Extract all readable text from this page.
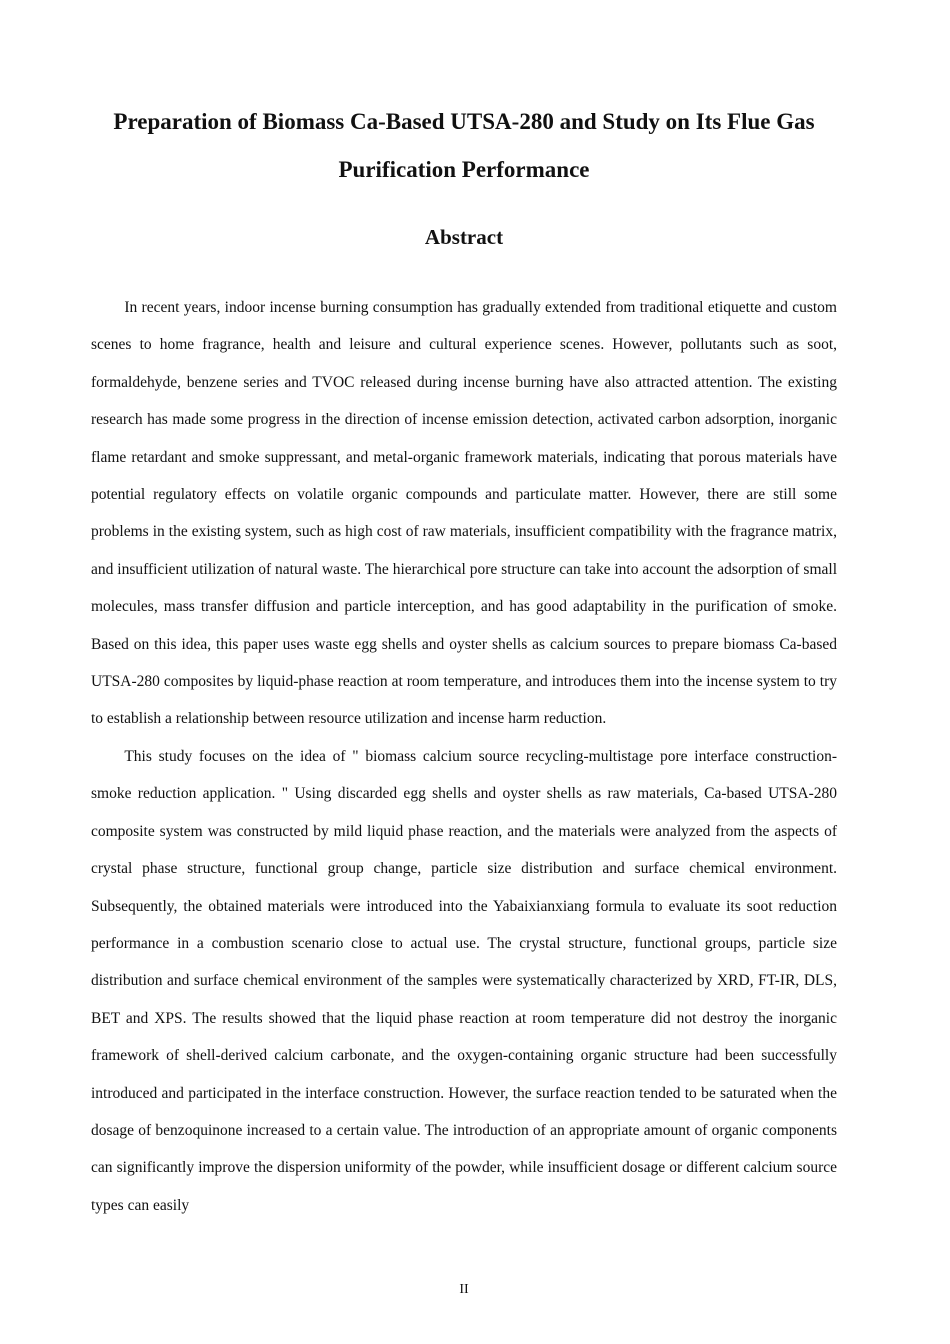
Preparation of Biomass Ca-Based UTSA-280 and Study on Its Flue Gas Purification Performance
Abstract

In recent years, indoor incense burning consumption has gradually extended from traditional etiquette and custom scenes to home fragrance, health and leisure and cultural experience scenes. However, pollutants such as soot, formaldehyde, benzene series and TVOC released during incense burning have also attracted attention. The existing research has made some progress in the direction of incense emission detection, activated carbon adsorption, inorganic flame retardant and smoke suppressant, and metal-organic framework materials, indicating that porous materials have potential regulatory effects on volatile organic compounds and particulate matter. However, there are still some problems in the existing system, such as high cost of raw materials, insufficient compatibility with the fragrance matrix, and insufficient utilization of natural waste. The hierarchical pore structure can take into account the adsorption of small molecules, mass transfer diffusion and particle interception, and has good adaptability in the purification of smoke. Based on this idea, this paper uses waste egg shells and oyster shells as calcium sources to prepare biomass Ca-based UTSA-280 composites by liquid-phase reaction at room temperature, and introduces them into the incense system to try to establish a relationship between resource utilization and incense harm reduction.

This study focuses on the idea of " biomass calcium source recycling-multistage pore interface construction-smoke reduction application. " Using discarded egg shells and oyster shells as raw materials, Ca-based UTSA-280 composite system was constructed by mild liquid phase reaction, and the materials were analyzed from the aspects of crystal phase structure, functional group change, particle size distribution and surface chemical environment. Subsequently, the obtained materials were introduced into the Yabaixianxiang formula to evaluate its soot reduction performance in a combustion scenario close to actual use. The crystal structure, functional groups, particle size distribution and surface chemical environment of the samples were systematically characterized by XRD, FT-IR, DLS, BET and XPS. The results showed that the liquid phase reaction at room temperature did not destroy the inorganic framework of shell-derived calcium carbonate, and the oxygen-containing organic structure had been successfully introduced and participated in the interface construction. However, the surface reaction tended to be saturated when the dosage of benzoquinone increased to a certain value. The introduction of an appropriate amount of organic components can significantly improve the dispersion uniformity of the powder, while insufficient dosage or different calcium source types can easily

II
